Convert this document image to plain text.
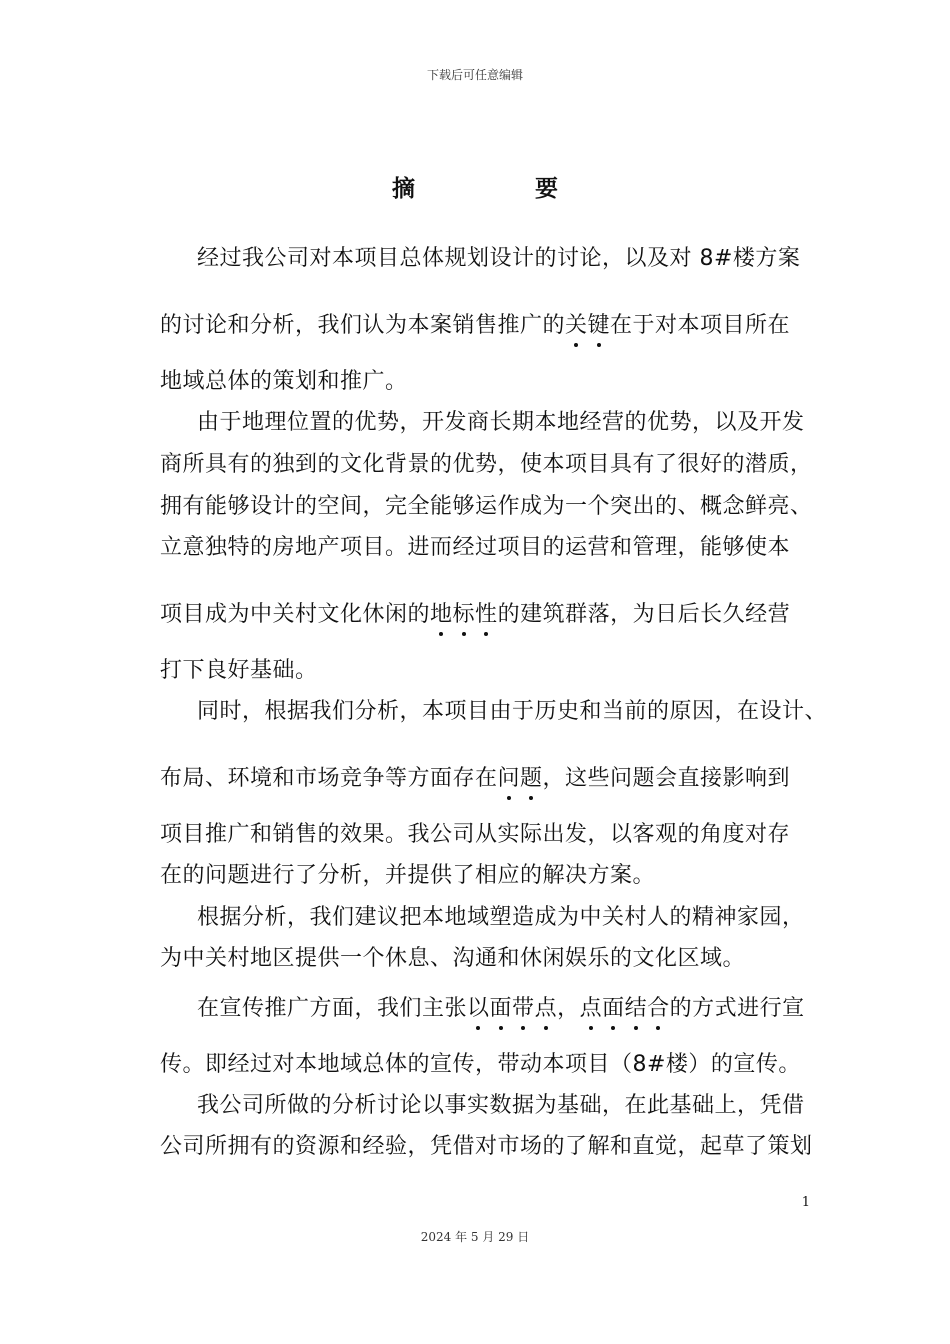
下载后可任意编辑
摘 要
经过我公司对本项目总体规划设计的讨论，以及对 8#楼方案
的讨论和分析，我们认为本案销售推广的关键在于对本项目所在
地域总体的策划和推广。
由于地理位置的优势，开发商长期本地经营的优势，以及开发
商所具有的独到的文化背景的优势，使本项目具有了很好的潜质，
拥有能够设计的空间，完全能够运作成为一个突出的、概念鲜亮、
立意独特的房地产项目。进而经过项目的运营和管理，能够使本
项目成为中关村文化休闲的地标性的建筑群落，为日后长久经营
打下良好基础。
同时，根据我们分析，本项目由于历史和当前的原因，在设计、
布局、环境和市场竞争等方面存在问题，这些问题会直接影响到
项目推广和销售的效果。我公司从实际出发，以客观的角度对存
在的问题进行了分析，并提供了相应的解决方案。
根据分析，我们建议把本地域塑造成为中关村人的精神家园，
为中关村地区提供一个休息、沟通和休闲娱乐的文化区域。
在宣传推广方面，我们主张以面带点，点面结合的方式进行宣
传。即经过对本地域总体的宣传，带动本项目（8#楼）的宣传。
我公司所做的分析讨论以事实数据为基础，在此基础上，凭借
公司所拥有的资源和经验，凭借对市场的了解和直觉，起草了策划
1
2024 年 5 月 29 日
